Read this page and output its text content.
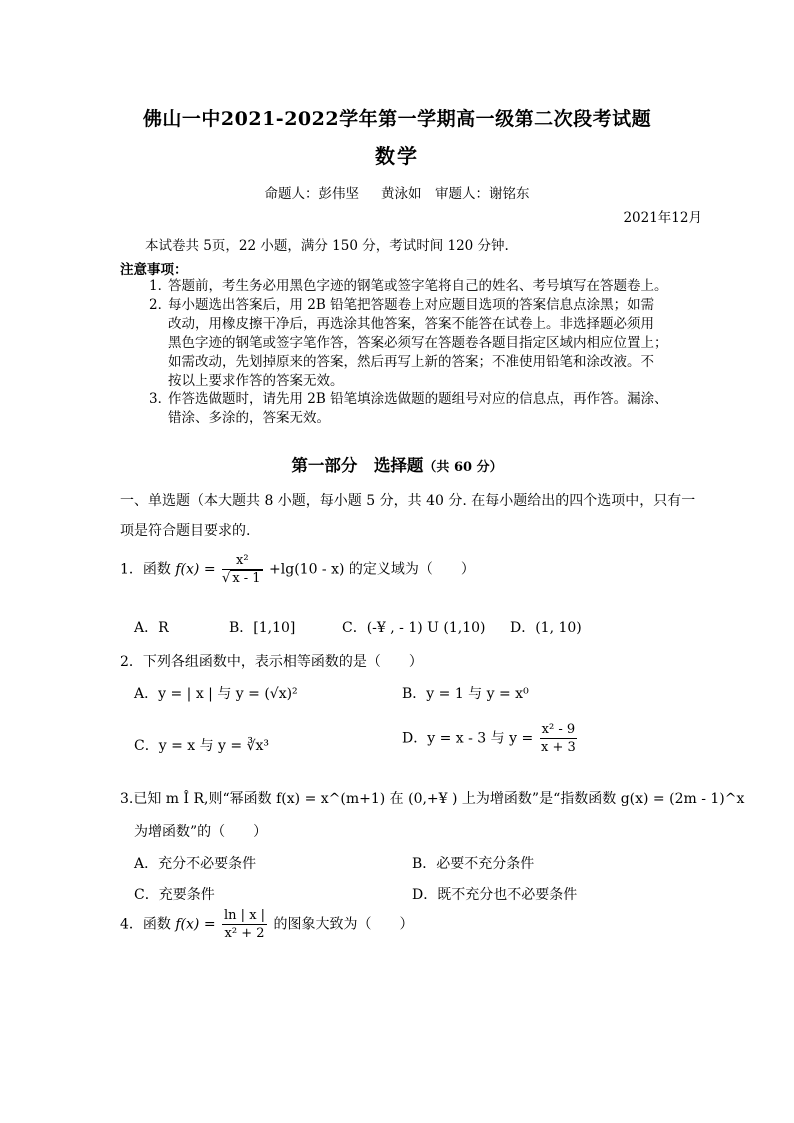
佛山一中2021-2022学年第一学期高一级第二次段考试题
数学
命题人：彭伟坚 黄泳如　 审题人：谢铭东
2021年12月
本试卷共 5页，22 小题，满分 150 分，考试时间 120 分钟.
注意事项：
1．
答题前，考生务必用黑色字迹的钢笔或签字笔将自己的姓名、考号填写在答题卷上。
2．
每小题选出答案后，用 2B 铅笔把答题卷上对应题目选项的答案信息点涂黑；如需
改动，用橡皮擦干净后，再选涂其他答案，答案不能答在试卷上。非选择题必须用
黑色字迹的钢笔或签字笔作答，答案必须写在答题卷各题目指定区域内相应位置上；
如需改动，先划掉原来的答案，然后再写上新的答案；不准使用铅笔和涂改液。不
按以上要求作答的答案无效。
3．
作答选做题时，请先用 2B 铅笔填涂选做题的题组号对应的信息点，再作答。漏涂、
错涂、多涂的，答案无效。
第一部分　选择题（共 60 分）
一、单选题（本大题共 8 小题，每小题 5 分，共 40 分. 在每小题给出的四个选项中，只有一
项是符合题目要求的.
1．函数 $f(x) = \frac{\text{x²}}{√ x - 1} +\lg(10 - x)$ 的定义域为（　　）
A．R	B．[1,10]	C．(-¥ , - 1) U (1,10) D．(1, 10)
2．下列各组函数中，表示相等函数的是（　　）
A．y = | x | 与 y = (√x)²	B．y = 1 与 y = x⁰
C．y = x 与 y = ∛x³	D．y = x - 3 与 $y = \frac{\text{x² - 9}}{x + 3}$
3.已知 m Î R,则“幂函数 f(x) = x^(m+1) 在 (0,+¥ ) 上为增函数”是“指数函数 g(x) = (2m - 1)^x
为增函数”的（　　）
A．充分不必要条件	B．必要不充分条件
C．充要条件	D．既不充分也不必要条件
4．函数 $f(x) = \frac{\ln | x |}{\text{x² + 2}}$ 的图象大致为（　　）
